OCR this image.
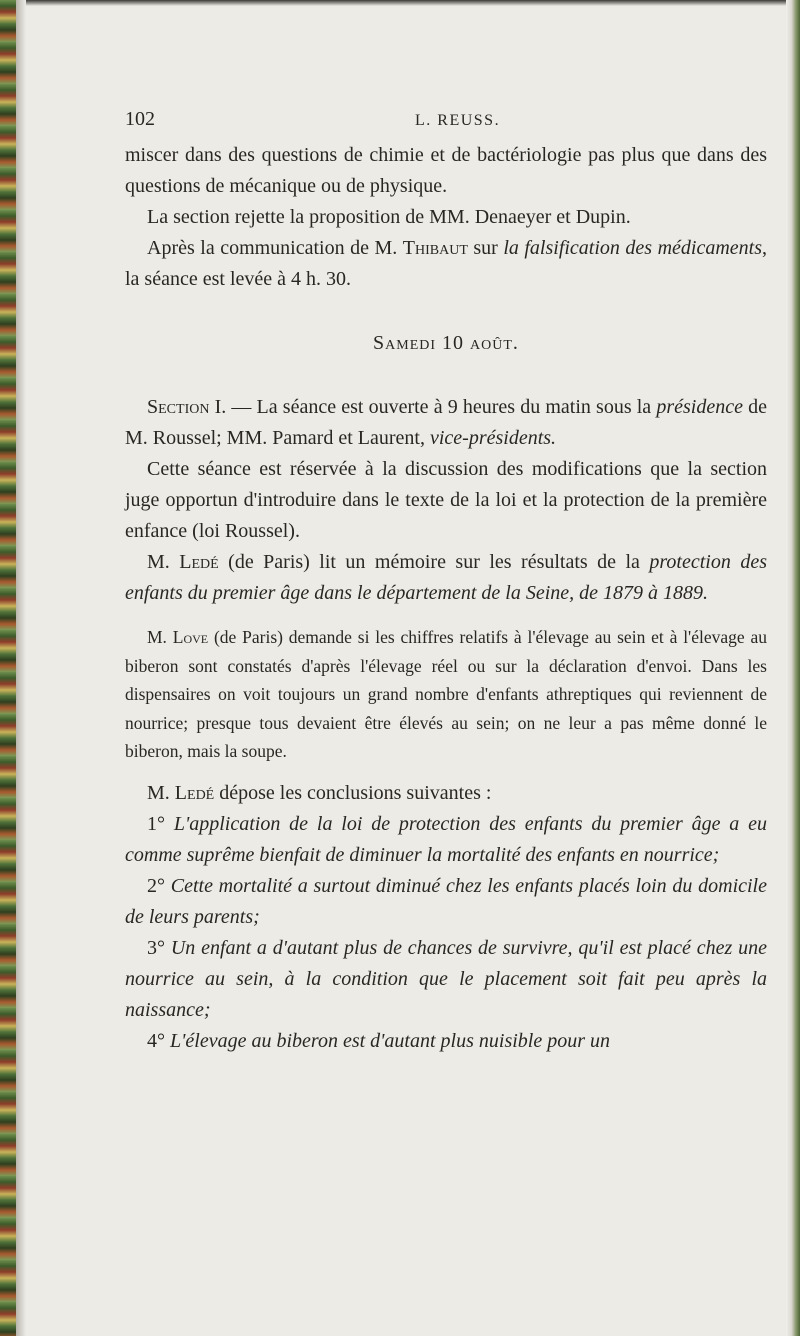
102	L. REUSS.

miscer dans des questions de chimie et de bactériologie pas plus que dans des questions de mécanique ou de physique.

La section rejette la proposition de MM. Denaeyer et Dupin.

Après la communication de M. Thibaut sur la falsification des médicaments, la séance est levée à 4 h. 30.

Samedi 10 août.

Section I. — La séance est ouverte à 9 heures du matin sous la présidence de M. Roussel; MM. Pamard et Laurent, vice-présidents.

Cette séance est réservée à la discussion des modifications que la section juge opportun d'introduire dans le texte de la loi et la protection de la première enfance (loi Roussel).

M. Ledé (de Paris) lit un mémoire sur les résultats de la protection des enfants du premier âge dans le département de la Seine, de 1879 à 1889.

M. Love (de Paris) demande si les chiffres relatifs à l'élevage au sein et à l'élevage au biberon sont constatés d'après l'élevage réel ou sur la déclaration d'envoi. Dans les dispensaires on voit toujours un grand nombre d'enfants athreptiques qui reviennent de nourrice; presque tous devaient être élevés au sein; on ne leur a pas même donné le biberon, mais la soupe.

M. Ledé dépose les conclusions suivantes :

1° L'application de la loi de protection des enfants du premier âge a eu comme suprême bienfait de diminuer la mortalité des enfants en nourrice;

2° Cette mortalité a surtout diminué chez les enfants placés loin du domicile de leurs parents;

3° Un enfant a d'autant plus de chances de survivre, qu'il est placé chez une nourrice au sein, à la condition que le placement soit fait peu après la naissance;

4° L'élevage au biberon est d'autant plus nuisible pour un
